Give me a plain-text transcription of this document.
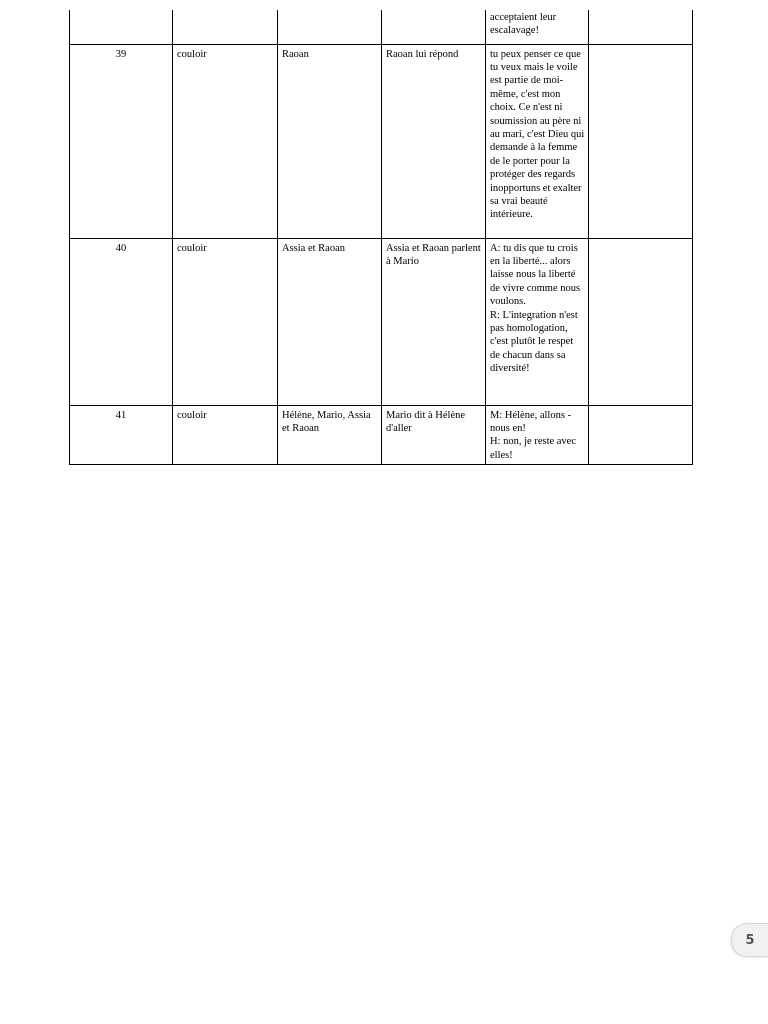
				acceptaient leur
escalavage!	

39	couloir	Raoan	Raoan lui répond	tu peux penser ce que tu veux mais le voile est partie de moi-même, c'est mon choix. Ce n'est ni soumission au père ni au mari, c'est Dieu qui demande à la femme de le porter pour la protéger des regards inopportuns et exalter sa vrai beauté intérieure.	

40	couloir	Assia et Raoan	Assia et Raoan parlent à Mario	A: tu dis que tu crois en la liberté... alors laisse nous la liberté de vivre comme nous voulons.
R: L'integration n'est pas homologation, c'est plutôt le respet de chacun dans sa diversité!	

41	couloir	Hélène, Mario, Assia et Raoan	Mario dit à Hélène d'aller	M: Hélène, allons - nous en!
H: non, je reste avec elles!	

5
